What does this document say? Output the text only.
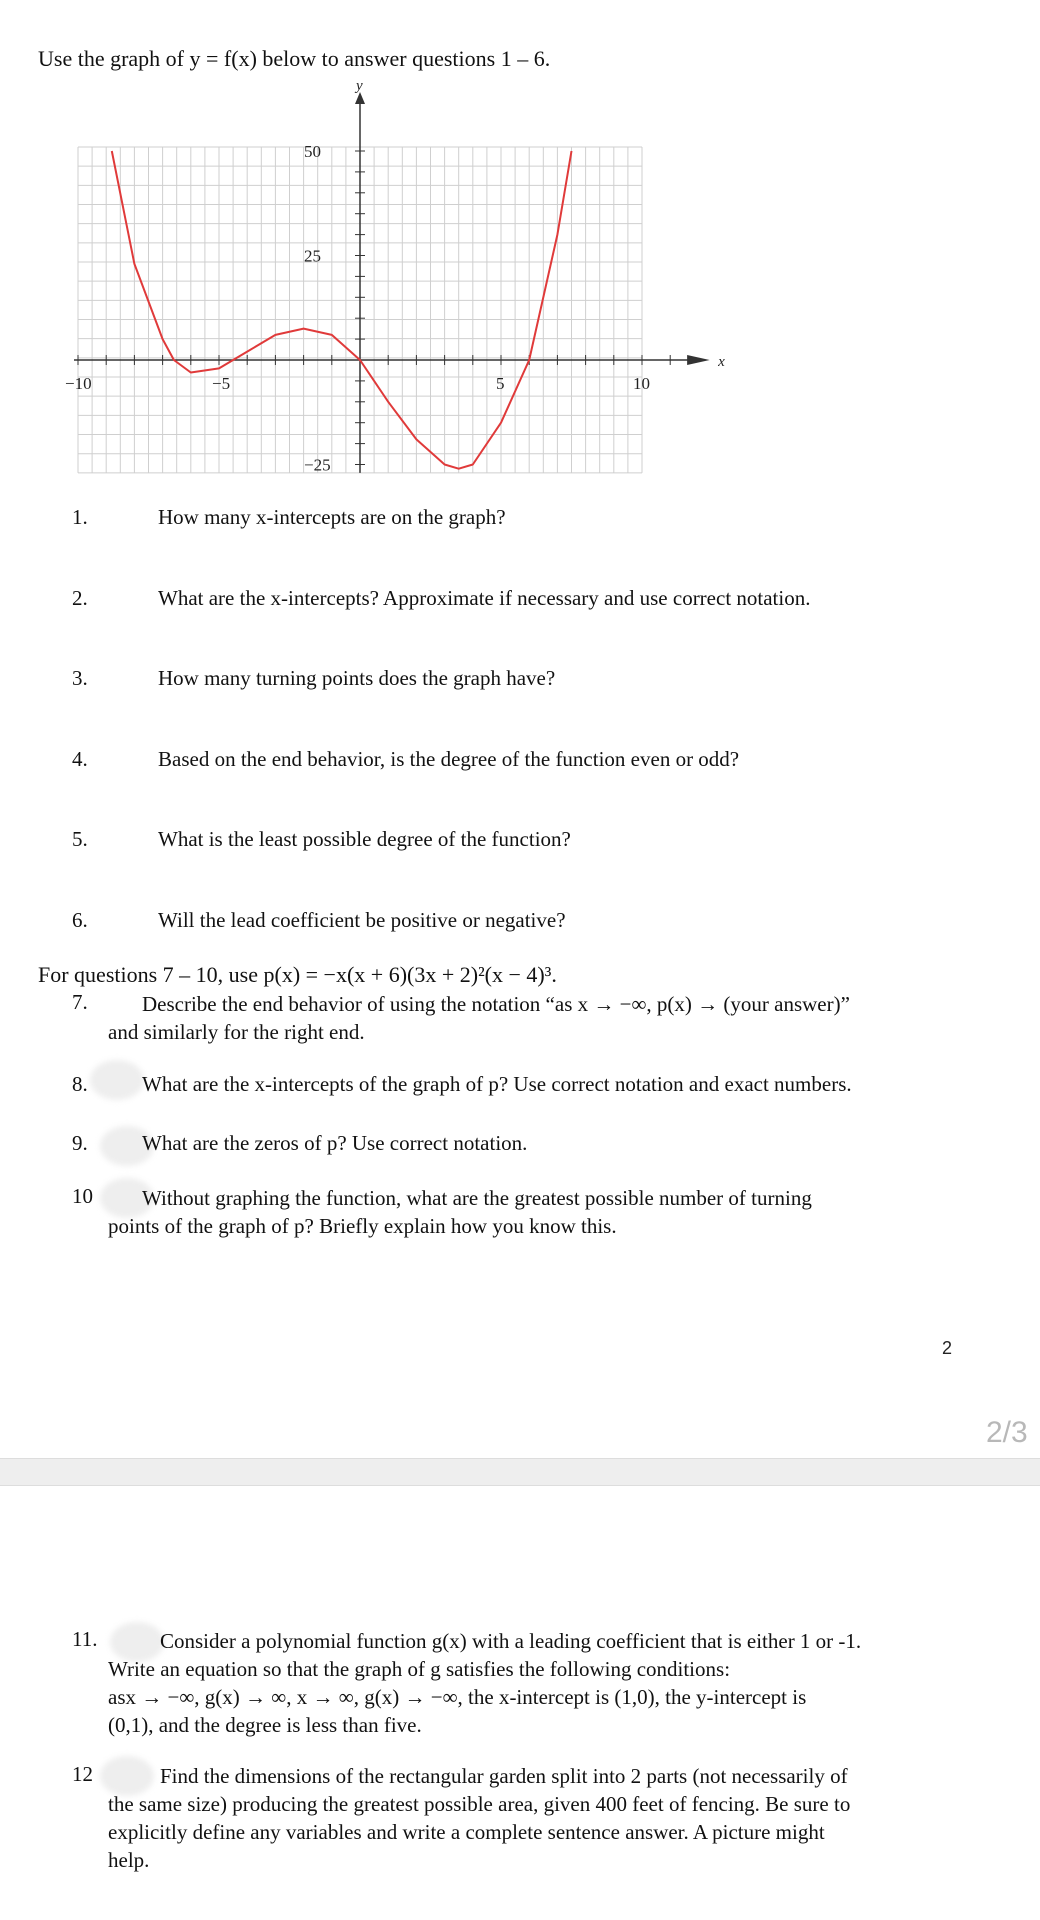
Use the graph of y = f(x) below to answer questions 1 – 6.
x
y
−10	−5	5	10
50
25
−25
1.	How many x-intercepts are on the graph?
2.	What are the x-intercepts? Approximate if necessary and use correct notation.
3.	How many turning points does the graph have?
4.	Based on the end behavior, is the degree of the function even or odd?
5.	What is the least possible degree of the function?
6.	Will the lead coefficient be positive or negative?
For questions 7 – 10, use p(x) = −x(x + 6)(3x + 2)²(x − 4)³.
7.	Describe the end behavior of using the notation “as x → −∞, p(x) → (your answer)”
and similarly for the right end.
8.	What are the x-intercepts of the graph of p? Use correct notation and exact numbers.
9.	What are the zeros of p? Use correct notation.
10	Without graphing the function, what are the greatest possible number of turning
points of the graph of p? Briefly explain how you know this.
2
2/3
11.	Consider a polynomial function g(x) with a leading coefficient that is either 1 or -1.
Write an equation so that the graph of g satisfies the following conditions:
asx → −∞, g(x) → ∞, x → ∞, g(x) → −∞, the x-intercept is (1,0), the y-intercept is
(0,1), and the degree is less than five.
12	Find the dimensions of the rectangular garden split into 2 parts (not necessarily of
the same size) producing the greatest possible area, given 400 feet of fencing. Be sure to
explicitly define any variables and write a complete sentence answer. A picture might
help.
